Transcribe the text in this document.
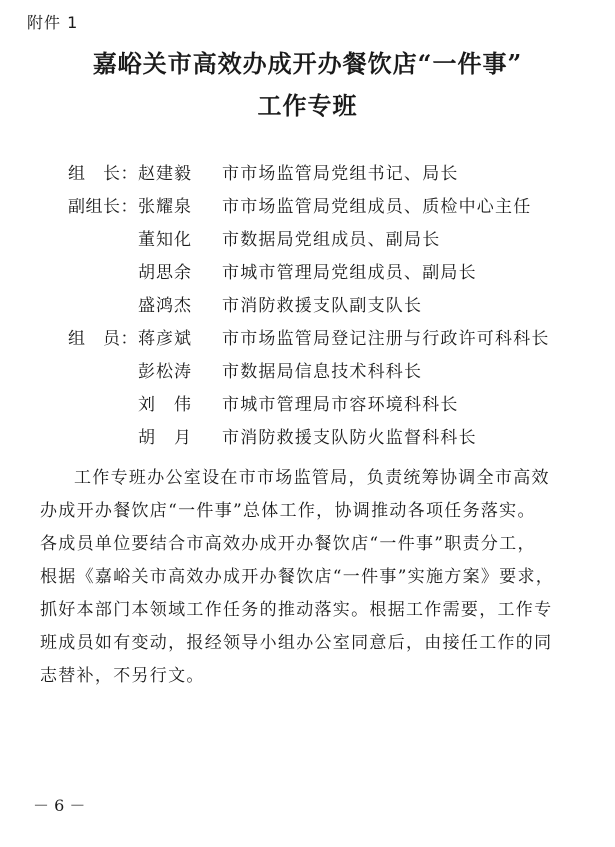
附件 1
嘉峪关市高效办成开办餐饮店“一件事”
工作专班
组　长： 赵建毅 市市场监管局党组书记、局长
副组长： 张耀泉 市市场监管局党组成员、质检中心主任
董知化 市数据局党组成员、副局长
胡思余 市城市管理局党组成员、副局长
盛鸿杰 市消防救援支队副支队长
组　员： 蒋彦斌 市市场监管局登记注册与行政许可科科长
彭松涛 市数据局信息技术科科长
刘　伟 市城市管理局市容环境科科长
胡　月 市消防救援支队防火监督科科长
工作专班办公室设在市市场监管局，负责统筹协调全市高效
办成开办餐饮店“一件事”总体工作，协调推动各项任务落实。
各成员单位要结合市高效办成开办餐饮店“一件事”职责分工，
根据《嘉峪关市高效办成开办餐饮店“一件事”实施方案》要求，
抓好本部门本领域工作任务的推动落实。根据工作需要，工作专
班成员如有变动，报经领导小组办公室同意后，由接任工作的同
志替补，不另行文。
－ 6 －
